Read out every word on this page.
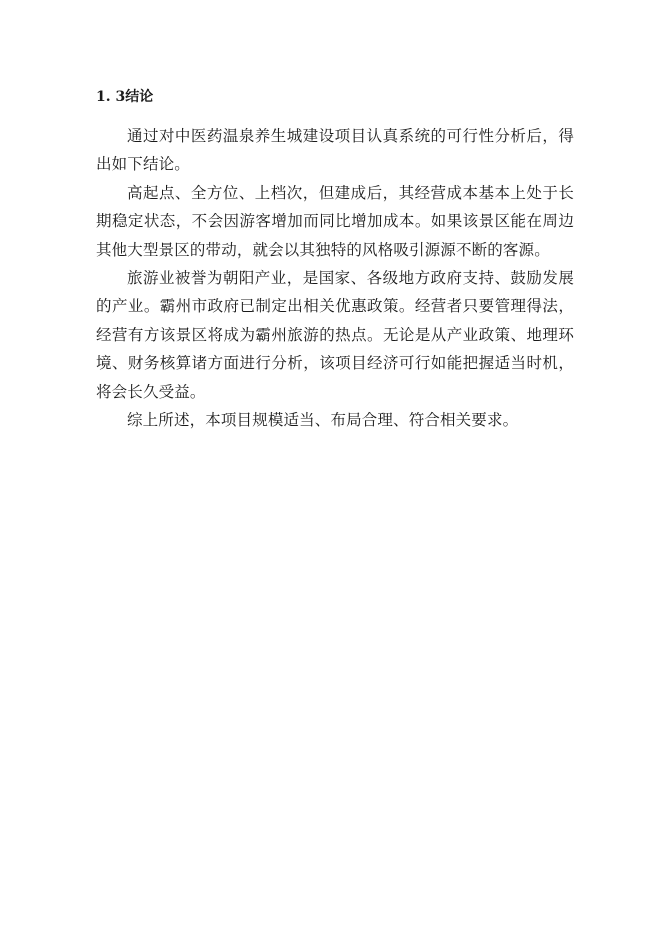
1. 3结论

通过对中医药温泉养生城建设项目认真系统的可行性分析后，得出如下结论。

高起点、全方位、上档次，但建成后，其经营成本基本上处于长期稳定状态，不会因游客增加而同比增加成本。如果该景区能在周边其他大型景区的带动，就会以其独特的风格吸引源源不断的客源。

旅游业被誉为朝阳产业，是国家、各级地方政府支持、鼓励发展的产业。霸州市政府已制定出相关优惠政策。经营者只要管理得法，经营有方该景区将成为霸州旅游的热点。无论是从产业政策、地理环境、财务核算诸方面进行分析，该项目经济可行如能把握适当时机，将会长久受益。

综上所述，本项目规模适当、布局合理、符合相关要求。
